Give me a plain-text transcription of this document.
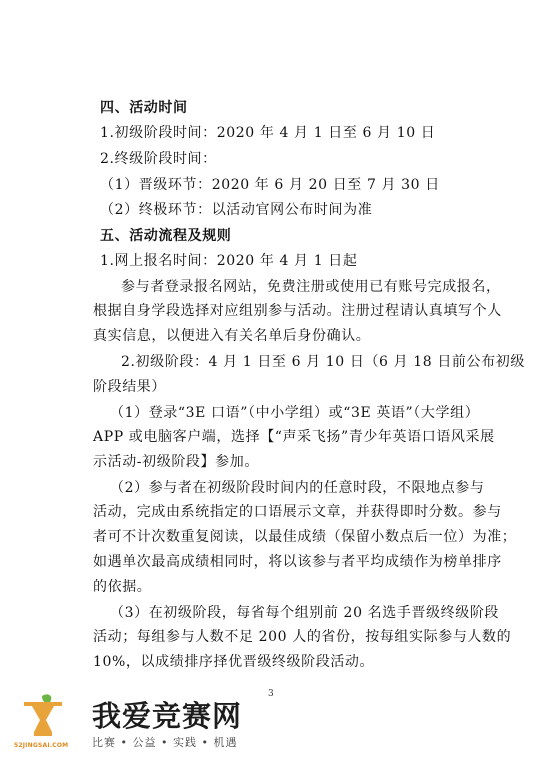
四、活动时间
1.初级阶段时间：2020 年 4 月 1 日至 6 月 10 日
2.终级阶段时间：
（1）晋级环节：2020 年 6 月 20 日至 7 月 30 日
（2）终极环节：以活动官网公布时间为准
五、活动流程及规则
1.网上报名时间：2020 年 4 月 1 日起
参与者登录报名网站，免费注册或使用已有账号完成报名，
根据自身学段选择对应组别参与活动。注册过程请认真填写个人
真实信息，以便进入有关名单后身份确认。
2.初级阶段：4 月 1 日至 6 月 10 日（6 月 18 日前公布初级
阶段结果）
（1）登录“3E 口语”（中小学组）或“3E 英语”（大学组）
APP 或电脑客户端，选择【“声采飞扬”青少年英语口语风采展
示活动-初级阶段】参加。
（2）参与者在初级阶段时间内的任意时段，不限地点参与
活动，完成由系统指定的口语展示文章，并获得即时分数。参与
者可不计次数重复阅读，以最佳成绩（保留小数点后一位）为准；
如遇单次最高成绩相同时，将以该参与者平均成绩作为榜单排序
的依据。
（3）在初级阶段，每省每个组别前 20 名选手晋级终级阶段
活动；每组参与人数不足 200 人的省份，按每组实际参与人数的
10%，以成绩排序择优晋级终级阶段活动。
3
52JINGSAI.COM
我爱竞赛网
比赛 • 公益 • 实践 • 机遇
